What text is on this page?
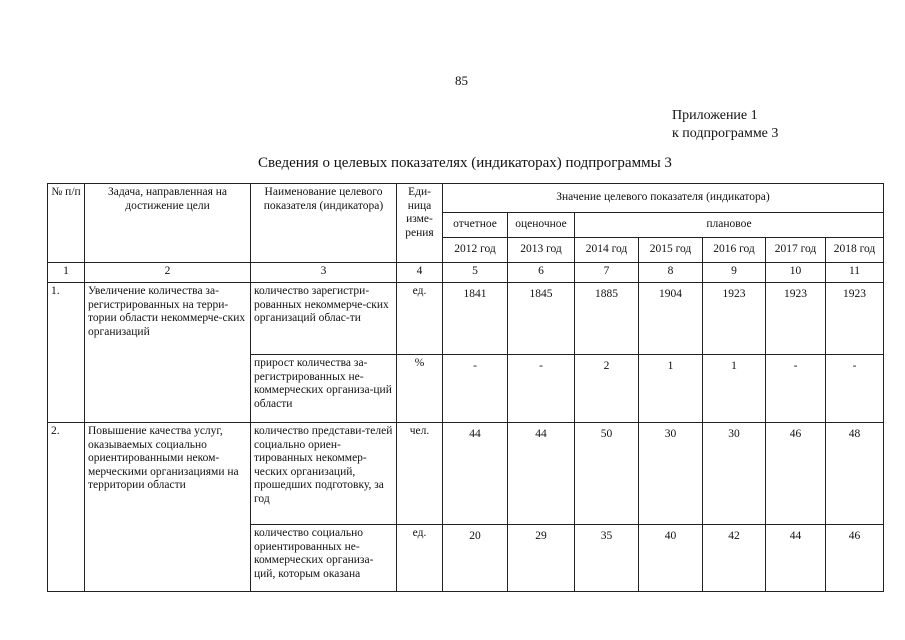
85
Приложение 1
к подпрограмме 3
Сведения о целевых показателях (индикаторах) подпрограммы 3
№ п/п	Задача, направленная на достижение цели	Наименование целевого показателя (индикатора)	Еди-ница изме-рения	Значение целевого показателя (индикатора)						
				отчетное	оценочное	плановое				
				2012 год	2013 год	2014 год	2015 год	2016 год	2017 год	2018 год
1	2	3	4	5	6	7	8	9	10	11
1.	Увеличение количества за-регистрированных на терри-тории области некоммерче-ских организаций	количество зарегистри-рованных некоммерче-ских организаций облас-ти	ед.	1841	1845	1885	1904	1923	1923	1923
		прирост количества за-регистрированных не-коммерческих организа-ций области	%	-	-	2	1	1	-	-
2.	Повышение качества услуг, оказываемых социально ориентированными неком-мерческими организациями на территории области	количество представи-телей социально ориен-тированных некоммер-ческих организаций, прошедших подготовку, за год	чел.	44	44	50	30	30	46	48
		количество социально ориентированных не-коммерческих организа-ций, которым оказана	ед.	20	29	35	40	42	44	46
